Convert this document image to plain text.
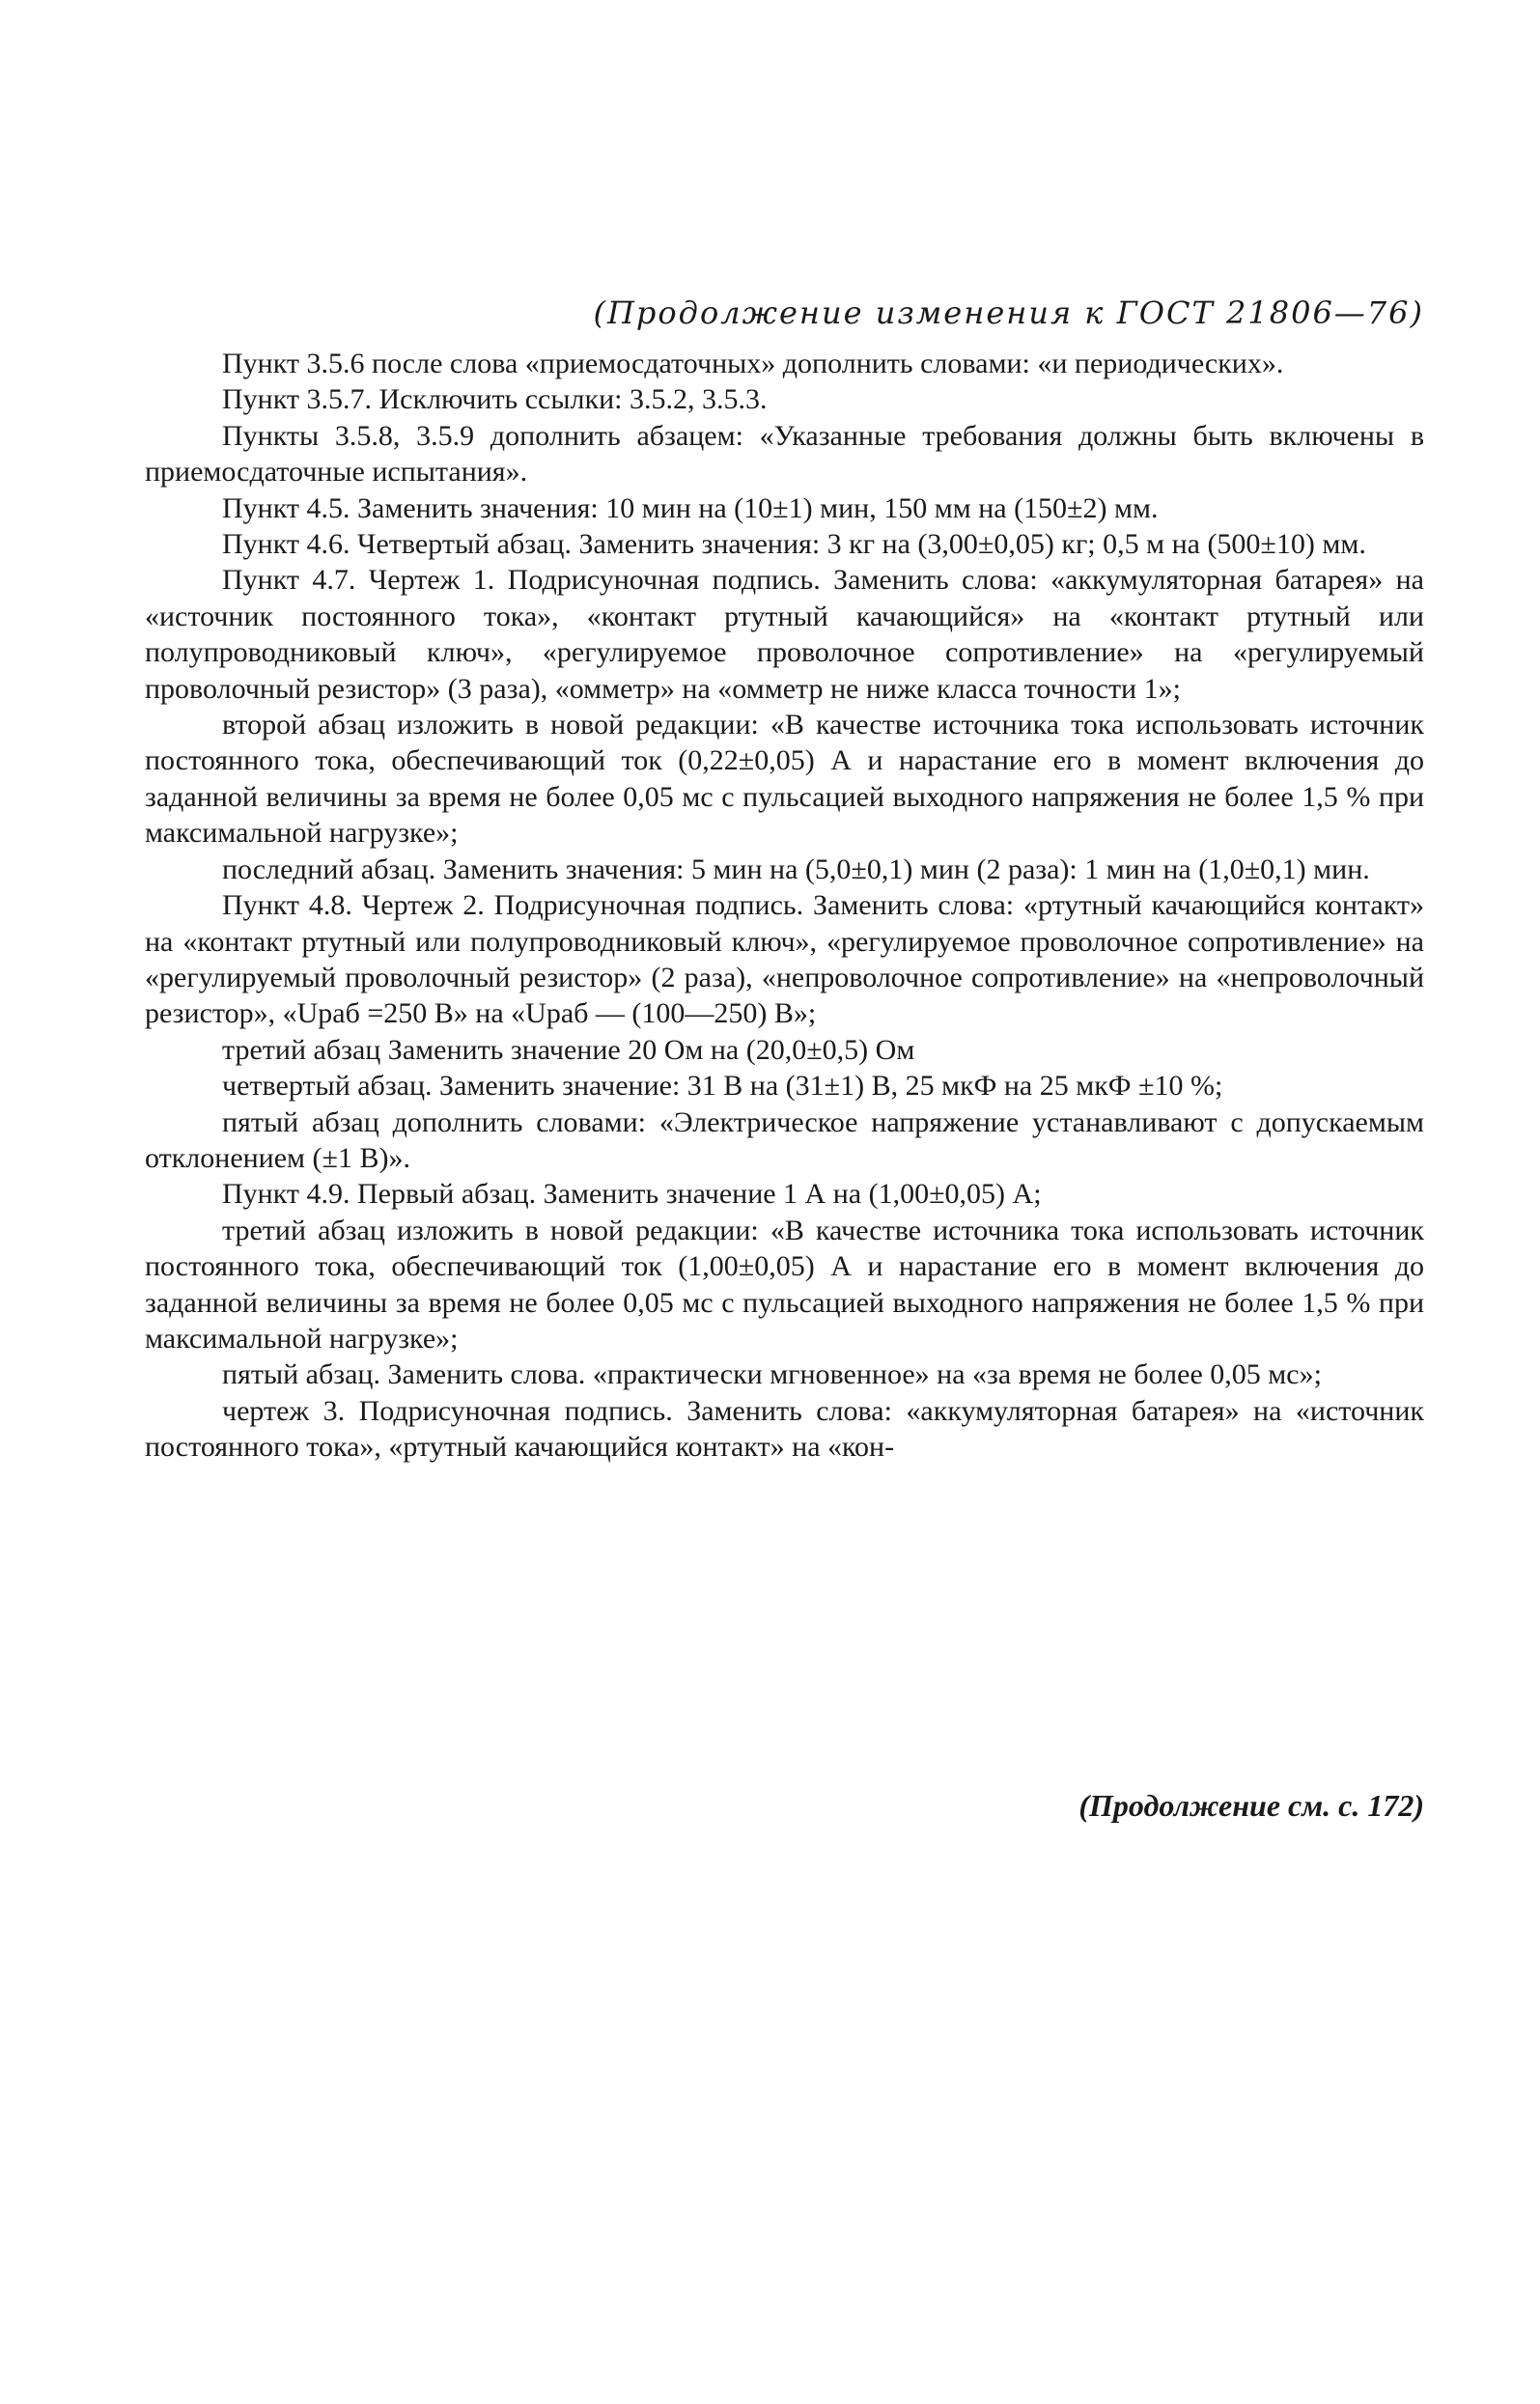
(Продолжение изменения к ГОСТ 21806—76)

Пункт 3.5.6 после слова «приемосдаточных» дополнить словами: «и периодических».

Пункт 3.5.7. Исключить ссылки: 3.5.2, 3.5.3.

Пункты 3.5.8, 3.5.9 дополнить абзацем: «Указанные требования должны быть включены в приемосдаточные испытания».

Пункт 4.5. Заменить значения: 10 мин на (10±1) мин, 150 мм на (150±2) мм.

Пункт 4.6. Четвертый абзац. Заменить значения: 3 кг на (3,00±0,05) кг; 0,5 м на (500±10) мм.

Пункт 4.7. Чертеж 1. Подрисуночная подпись. Заменить слова: «аккумуляторная батарея» на «источник постоянного тока», «контакт ртутный качающийся» на «контакт ртутный или полупроводниковый ключ», «регулируемое проволочное сопротивление» на «регулируемый проволочный резистор» (3 раза), «омметр» на «омметр не ниже класса точности 1»;

второй абзац изложить в новой редакции: «В качестве источника тока использовать источник постоянного тока, обеспечивающий ток (0,22±0,05) А и нарастание его в момент включения до заданной величины за время не более 0,05 мс с пульсацией выходного напряжения не более 1,5 % при максимальной нагрузке»;

последний абзац. Заменить значения: 5 мин на (5,0±0,1) мин (2 раза): 1 мин на (1,0±0,1) мин.

Пункт 4.8. Чертеж 2. Подрисуночная подпись. Заменить слова: «ртутный качающийся контакт» на «контакт ртутный или полупроводниковый ключ», «регулируемое проволочное сопротивление» на «регулируемый проволочный резистор» (2 раза), «непроволочное сопротивление» на «непроволочный резистор», «Uраб =250 В» на «Uраб — (100—250) В»;

третий абзац Заменить значение 20 Ом на (20,0±0,5) Ом

четвертый абзац. Заменить значение: 31 В на (31±1) В, 25 мкФ на 25 мкФ ±10 %;

пятый абзац дополнить словами: «Электрическое напряжение устанавливают с допускаемым отклонением (±1 В)».

Пункт 4.9. Первый абзац. Заменить значение 1 А на (1,00±0,05) А;

третий абзац изложить в новой редакции: «В качестве источника тока использовать источник постоянного тока, обеспечивающий ток (1,00±0,05) А и нарастание его в момент включения до заданной величины за время не более 0,05 мс с пульсацией выходного напряжения не более 1,5 % при максимальной нагрузке»;

пятый абзац. Заменить слова. «практически мгновенное» на «за время не более 0,05 мс»;

чертеж 3. Подрисуночная подпись. Заменить слова: «аккумуляторная батарея» на «источник постоянного тока», «ртутный качающийся контакт» на «кон-

(Продолжение см. с. 172)
